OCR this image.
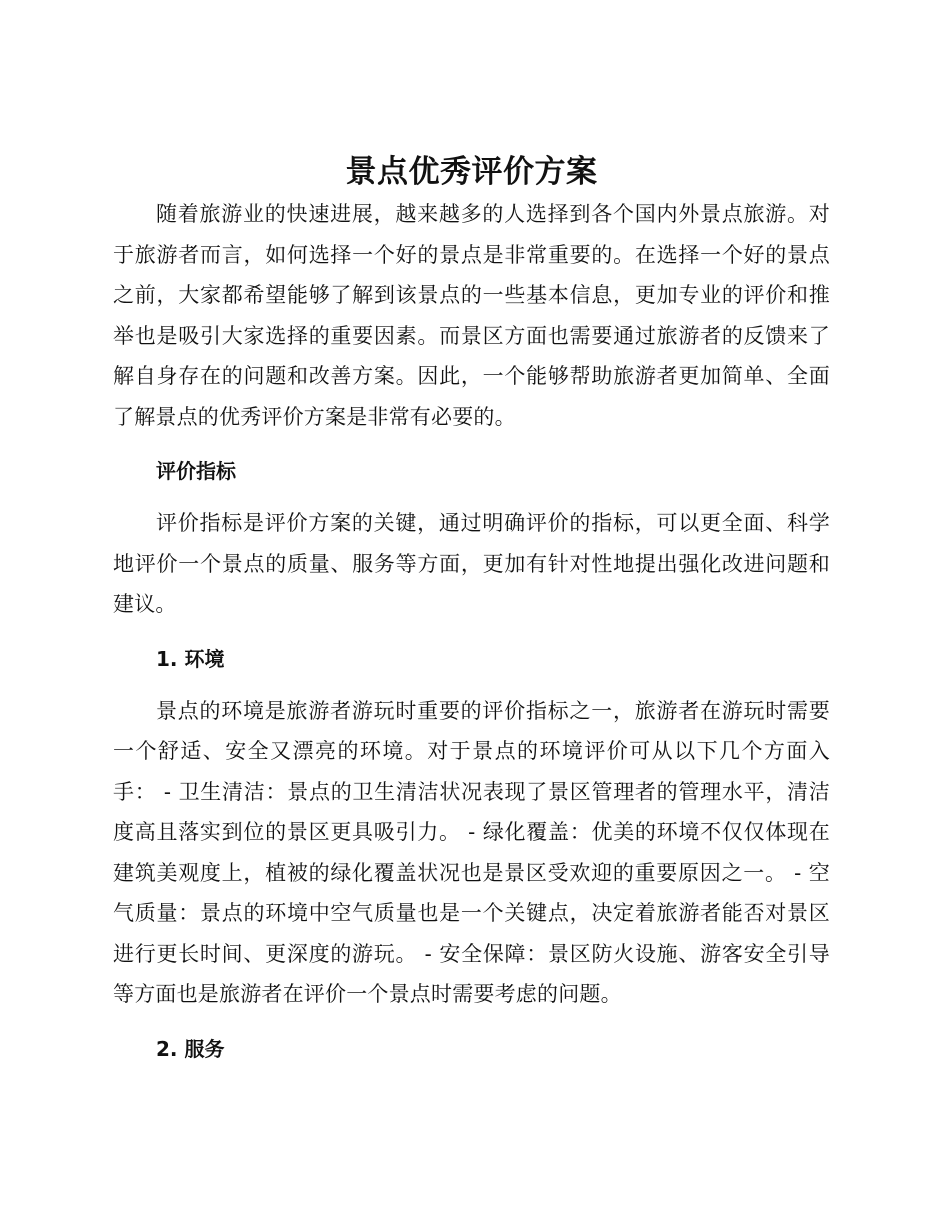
景点优秀评价方案

随着旅游业的快速进展，越来越多的人选择到各个国内外景点旅游。对于旅游者而言，如何选择一个好的景点是非常重要的。在选择一个好的景点之前，大家都希望能够了解到该景点的一些基本信息，更加专业的评价和推举也是吸引大家选择的重要因素。而景区方面也需要通过旅游者的反馈来了解自身存在的问题和改善方案。因此，一个能够帮助旅游者更加简单、全面了解景点的优秀评价方案是非常有必要的。

评价指标

评价指标是评价方案的关键，通过明确评价的指标，可以更全面、科学地评价一个景点的质量、服务等方面，更加有针对性地提出强化改进问题和建议。

1. 环境

景点的环境是旅游者游玩时重要的评价指标之一，旅游者在游玩时需要一个舒适、安全又漂亮的环境。对于景点的环境评价可从以下几个方面入手： - 卫生清洁：景点的卫生清洁状况表现了景区管理者的管理水平，清洁度高且落实到位的景区更具吸引力。 - 绿化覆盖：优美的环境不仅仅体现在建筑美观度上，植被的绿化覆盖状况也是景区受欢迎的重要原因之一。 - 空气质量：景点的环境中空气质量也是一个关键点，决定着旅游者能否对景区进行更长时间、更深度的游玩。 - 安全保障：景区防火设施、游客安全引导等方面也是旅游者在评价一个景点时需要考虑的问题。

2. 服务
